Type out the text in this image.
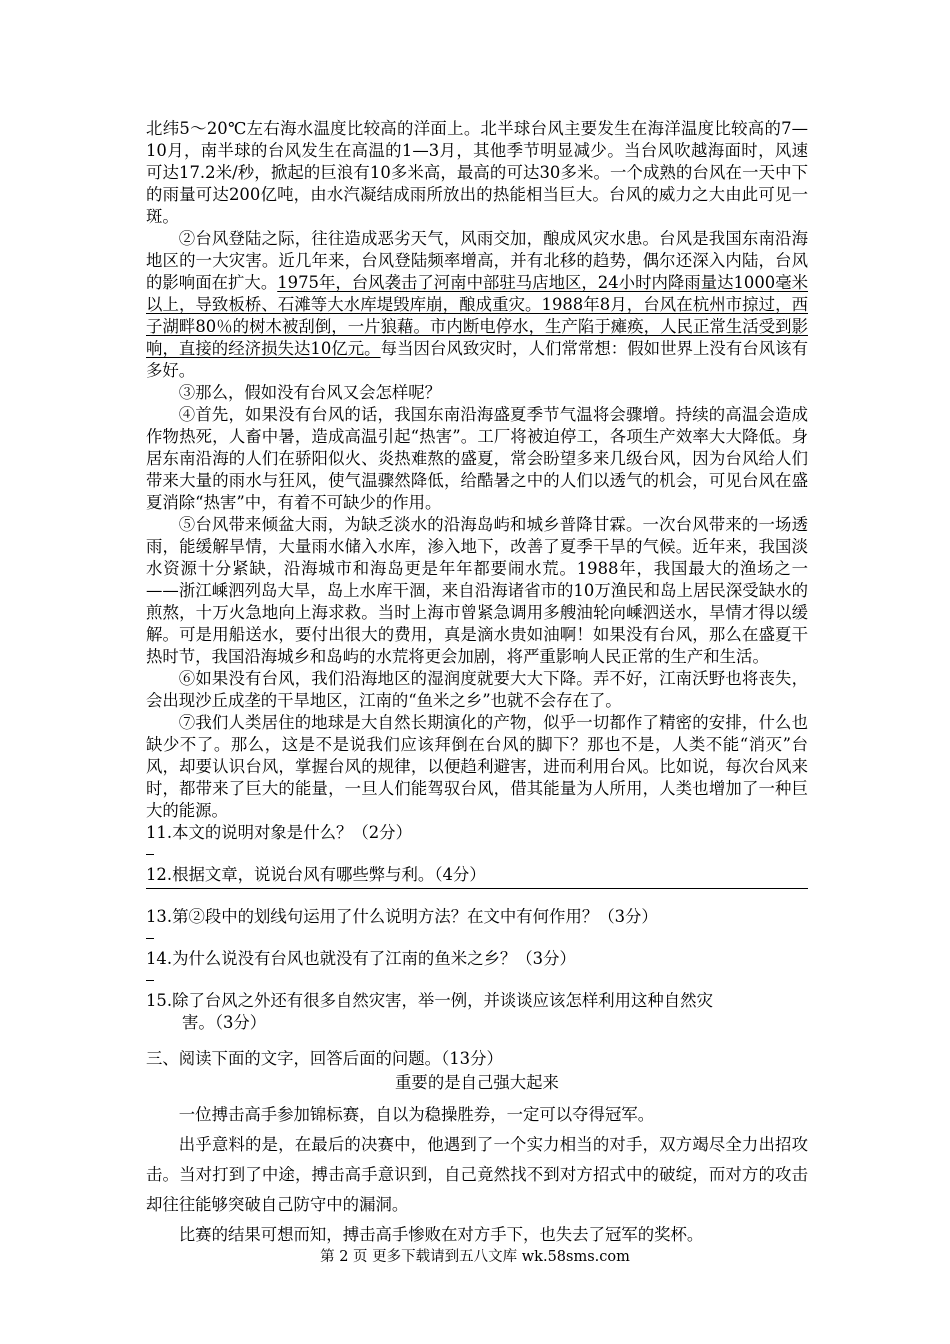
北纬5～20℃左右海水温度比较高的洋面上。北半球台风主要发生在海洋温度比较高的7—10月，南半球的台风发生在高温的1—3月，其他季节明显减少。当台风吹越海面时，风速可达17.2米/秒，掀起的巨浪有10多米高，最高的可达30多米。一个成熟的台风在一天中下的雨量可达200亿吨，由水汽凝结成雨所放出的热能相当巨大。台风的威力之大由此可见一斑。

②台风登陆之际，往往造成恶劣天气，风雨交加，酿成风灾水患。台风是我国东南沿海地区的一大灾害。近几年来，台风登陆频率增高，并有北移的趋势，偶尔还深入内陆，台风的影响面在扩大。1975年，台风袭击了河南中部驻马店地区，24小时内降雨量达1000毫米以上，导致板桥、石滩等大水库堤毁库崩，酿成重灾。1988年8月，台风在杭州市掠过，西子湖畔80％的树木被刮倒，一片狼藉。市内断电停水，生产陷于瘫痪，人民正常生活受到影响，直接的经济损失达10亿元。每当因台风致灾时，人们常常想：假如世界上没有台风该有多好。

③那么，假如没有台风又会怎样呢？

④首先，如果没有台风的话，我国东南沿海盛夏季节气温将会骤增。持续的高温会造成作物热死，人畜中暑，造成高温引起“热害”。工厂将被迫停工，各项生产效率大大降低。身居东南沿海的人们在骄阳似火、炎热难熬的盛夏，常会盼望多来几级台风，因为台风给人们带来大量的雨水与狂风，使气温骤然降低，给酷暑之中的人们以透气的机会，可见台风在盛夏消除“热害”中，有着不可缺少的作用。

⑤台风带来倾盆大雨，为缺乏淡水的沿海岛屿和城乡普降甘霖。一次台风带来的一场透雨，能缓解旱情，大量雨水储入水库，渗入地下，改善了夏季干旱的气候。近年来，我国淡水资源十分紧缺，沿海城市和海岛更是年年都要闹水荒。1988年，我国最大的渔场之一——浙江嵊泗列岛大旱，岛上水库干涸，来自沿海诸省市的10万渔民和岛上居民深受缺水的煎熬，十万火急地向上海求救。当时上海市曾紧急调用多艘油轮向嵊泗送水，旱情才得以缓解。可是用船送水，要付出很大的费用，真是滴水贵如油啊！如果没有台风，那么在盛夏干热时节，我国沿海城乡和岛屿的水荒将更会加剧，将严重影响人民正常的生产和生活。

⑥如果没有台风，我们沿海地区的湿润度就要大大下降。弄不好，江南沃野也将丧失，会出现沙丘成垄的干旱地区，江南的“鱼米之乡”也就不会存在了。

⑦我们人类居住的地球是大自然长期演化的产物，似乎一切都作了精密的安排，什么也缺少不了。那么，这是不是说我们应该拜倒在台风的脚下？那也不是，人类不能“消灭”台风，却要认识台风，掌握台风的规律，以便趋利避害，进而利用台风。比如说，每次台风来时，都带来了巨大的能量，一旦人们能驾驭台风，借其能量为人所用，人类也增加了一种巨大的能源。

11.本文的说明对象是什么？（2分）

12.根据文章，说说台风有哪些弊与利。（4分）

13.第②段中的划线句运用了什么说明方法？在文中有何作用？（3分）

14.为什么说没有台风也就没有了江南的鱼米之乡？（3分）

15.除了台风之外还有很多自然灾害，举一例，并谈谈应该怎样利用这种自然灾

害。（3分）

三、阅读下面的文字，回答后面的问题。（13分）

重要的是自己强大起来

一位搏击高手参加锦标赛，自以为稳操胜券，一定可以夺得冠军。

出乎意料的是，在最后的决赛中，他遇到了一个实力相当的对手，双方竭尽全力出招攻击。当对打到了中途，搏击高手意识到，自己竟然找不到对方招式中的破绽，而对方的攻击却往往能够突破自己防守中的漏洞。

比赛的结果可想而知，搏击高手惨败在对方手下，也失去了冠军的奖杯。

第 2 页 更多下载请到五八文库 wk.58sms.com
